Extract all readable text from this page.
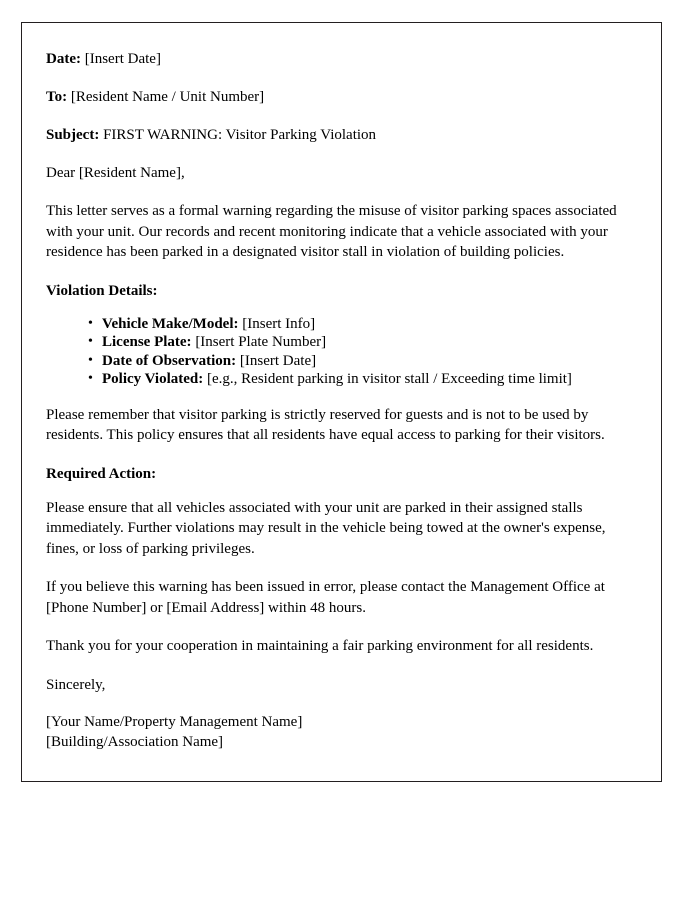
Date: [Insert Date]

To: [Resident Name / Unit Number]

Subject: FIRST WARNING: Visitor Parking Violation

Dear [Resident Name],

This letter serves as a formal warning regarding the misuse of visitor parking spaces associated with your unit. Our records and recent monitoring indicate that a vehicle associated with your residence has been parked in a designated visitor stall in violation of building policies.

Violation Details:

• Vehicle Make/Model: [Insert Info]
• License Plate: [Insert Plate Number]
• Date of Observation: [Insert Date]
• Policy Violated: [e.g., Resident parking in visitor stall / Exceeding time limit]

Please remember that visitor parking is strictly reserved for guests and is not to be used by residents. This policy ensures that all residents have equal access to parking for their visitors.

Required Action:

Please ensure that all vehicles associated with your unit are parked in their assigned stalls immediately. Further violations may result in the vehicle being towed at the owner's expense, fines, or loss of parking privileges.

If you believe this warning has been issued in error, please contact the Management Office at [Phone Number] or [Email Address] within 48 hours.

Thank you for your cooperation in maintaining a fair parking environment for all residents.

Sincerely,

[Your Name/Property Management Name]

[Building/Association Name]
